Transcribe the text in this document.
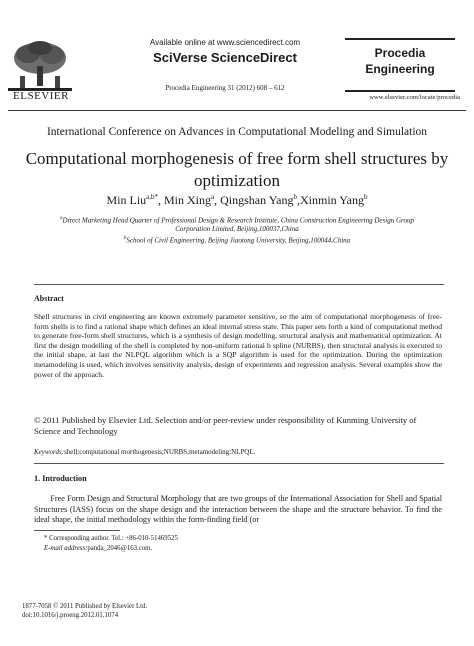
ELSEVIER
Available online at www.sciencedirect.com
SciVerse ScienceDirect
Procedia Engineering 31 (2012) 608 – 612
Procedia
Engineering
www.elsevier.com/locate/procedia
International Conference on Advances in Computational Modeling and Simulation
Computational morphogenesis of free form shell structures by
optimization
Min Liu$^{a,b*}$, Min Xing$^a$, Qingshan Yang$^b$,Xinmin Yang$^b$
$^a$Direct Marketing Head Quarter of Professional Design & Research Institute, China Construction Engineering Design Group
Corporation Limited, Beijing,100037,China
$^b$School of Civil Engineering, Beijing Jiaotong University, Beijing,100044,China
Abstract
Shell structures in civil engineering are known extremely parameter sensitive, so the aim of computational morphogenesis of free-form shells is to find a rational shape which defines an ideal internal stress state. This paper sets forth a kind of computational method to generate free-form shell structures, which is a synthesis of design modelling, structural analysis and mathematical optimization. At first the design modelling of the shell is completed by non-uniform rational b spline (NURBS), then structural analysis is executed to the initial shape, at last the NLPQL algorithm which is a SQP algorithm is used for the optimization. During the optimization metamodeling is used, which involves sensitivity analysis, design of experiments and regression analysis. Several examples show the power of the approach.
© 2011 Published by Elsevier Ltd. Selection and/or peer-review under responsibility of Kunming University of Science and Technology
Keywords:shell;computational morthogenesis;NURBS;metamodeling;NLPQL.
1. Introduction
  Free Form Design and Structural Morphology that are two groups of the International Association for Shell and Spatial Structures (IASS) focus on the shape design and the interaction between the shape and the structure behavior. To find the ideal shape, the initial methodology within the form-finding field (or
* Corresponding author. Tel.: +86-010-51469525
E-mail address:panda_2046@163.com.
1877-7058 © 2011 Published by Elsevier Ltd.
doi:10.1016/j.proeng.2012.01.1074
